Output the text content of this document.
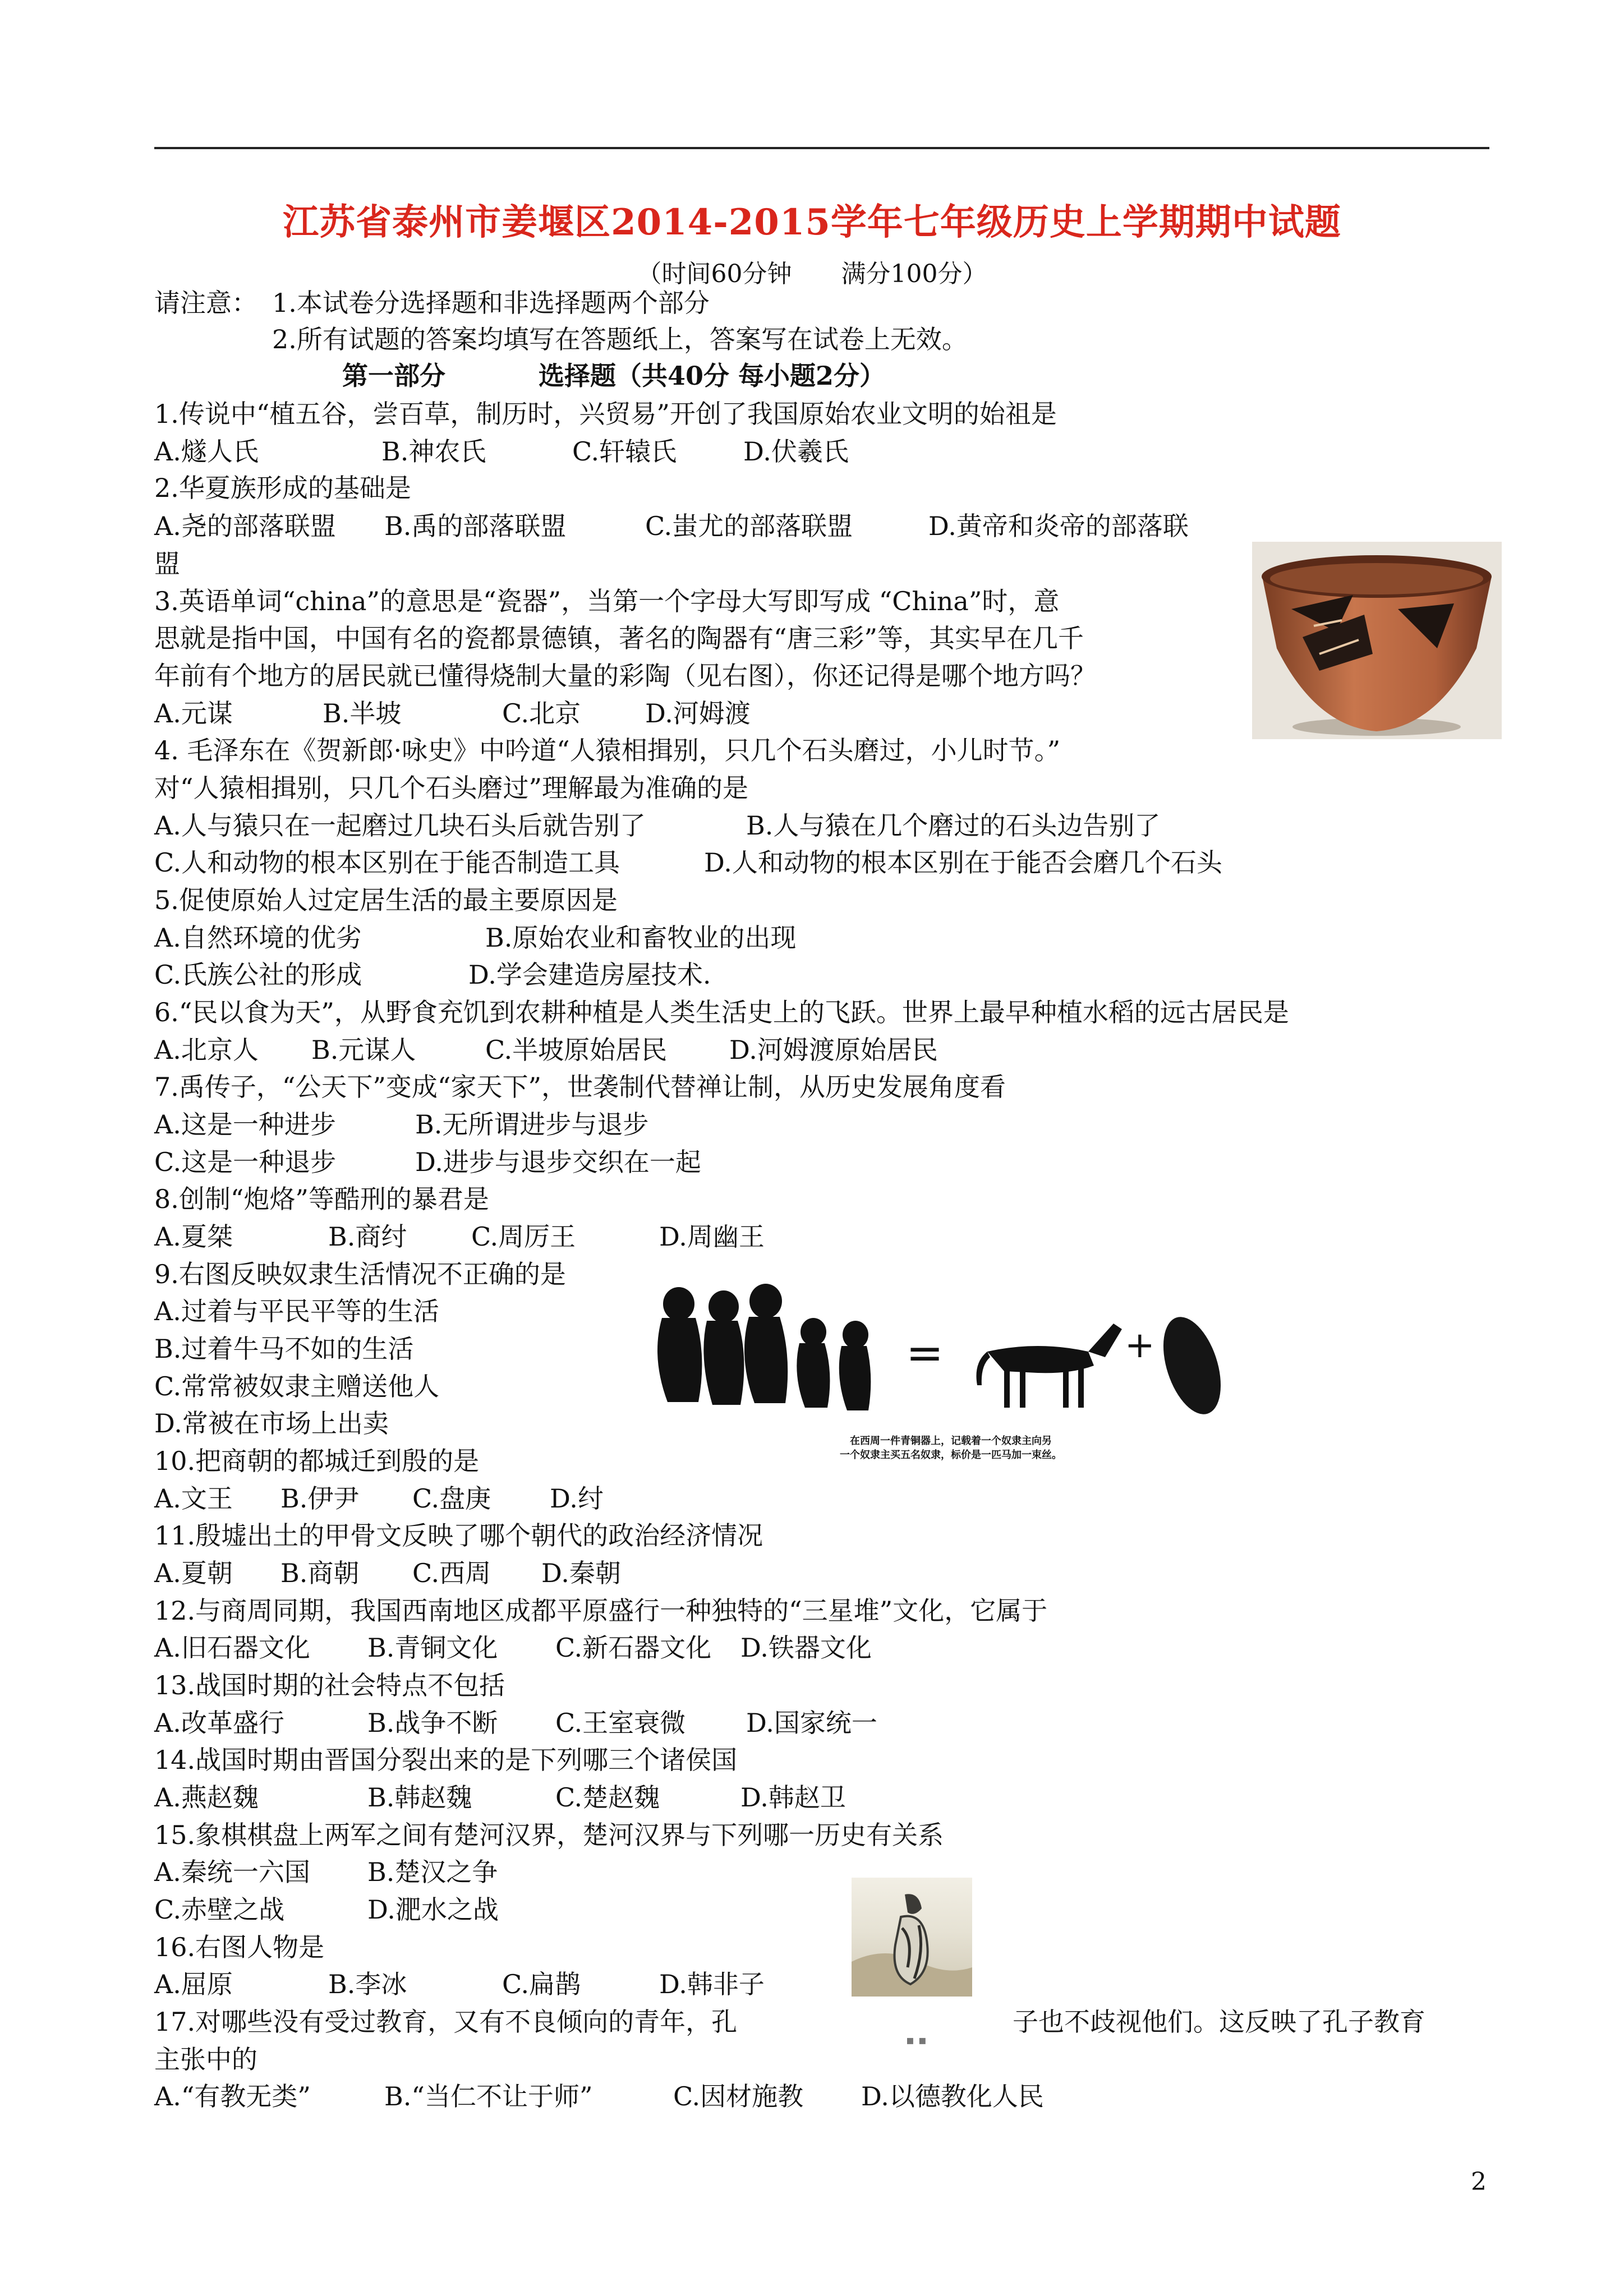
江苏省泰州市姜堰区2014-2015学年七年级历史上学期期中试题
（时间60分钟　　满分100分）
请注意： 1.本试卷分选择题和非选择题两个部分
2.所有试题的答案均填写在答题纸上，答案写在试卷上无效。
第一部分	选择题（共40分 每小题2分）
1.传说中“植五谷，尝百草，制历时，兴贸易”开创了我国原始农业文明的始祖是
A.燧人氏	B.神农氏	C.轩辕氏	D.伏羲氏
2.华夏族形成的基础是
A.尧的部落联盟 B.禹的部落联盟	C.蚩尤的部落联盟	D.黄帝和炎帝的部落联
盟
3.英语单词“china”的意思是“瓷器”，当第一个字母大写即写成 “China”时，意
思就是指中国，中国有名的瓷都景德镇，著名的陶器有“唐三彩”等，其实早在几千
年前有个地方的居民就已懂得烧制大量的彩陶（见右图），你还记得是哪个地方吗？
A.元谋	B.半坡	C.北京 D.河姆渡
4. 毛泽东在《贺新郎·咏史》中吟道“人猿相揖别，只几个石头磨过，小儿时节。”
对“人猿相揖别，只几个石头磨过”理解最为准确的是
A.人与猿只在一起磨过几块石头后就告别了	B.人与猿在几个磨过的石头边告别了
C.人和动物的根本区别在于能否制造工具	D.人和动物的根本区别在于能否会磨几个石头
5.促使原始人过定居生活的最主要原因是
A.自然环境的优劣	B.原始农业和畜牧业的出现
C.氏族公社的形成	D.学会建造房屋技术.
6.“民以食为天”，从野食充饥到农耕种植是人类生活史上的飞跃。世界上最早种植水稻的远古居民是
A.北京人 B.元谋人	C.半坡原始居民 D.河姆渡原始居民
7.禹传子，“公天下”变成“家天下”，世袭制代替禅让制，从历史发展角度看
A.这是一种进步	B.无所谓进步与退步
C.这是一种退步	D.进步与退步交织在一起
8.创制“炮烙”等酷刑的暴君是
A.夏桀	B.商纣 C.周厉王	D.周幽王
9.右图反映奴隶生活情况不正确的是
A.过着与平民平等的生活
B.过着牛马不如的生活
C.常常被奴隶主赠送他人
D.常被在市场上出卖
10.把商朝的都城迁到殷的是
A.文王 B.伊尹 C.盘庚 D.纣
11.殷墟出土的甲骨文反映了哪个朝代的政治经济情况
A.夏朝 B.商朝 C.西周 D.秦朝
12.与商周同期，我国西南地区成都平原盛行一种独特的“三星堆”文化，它属于
A.旧石器文化 B.青铜文化 C.新石器文化 D.铁器文化
13.战国时期的社会特点不包括
A.改革盛行	B.战争不断 C.王室衰微 D.国家统一
14.战国时期由晋国分裂出来的是下列哪三个诸侯国
A.燕赵魏	B.韩赵魏	C.楚赵魏	D.韩赵卫
15.象棋棋盘上两军之间有楚河汉界，楚河汉界与下列哪一历史有关系
A.秦统一六国 B.楚汉之争
C.赤壁之战	D.淝水之战
16.右图人物是
A.屈原	B.李冰	C.扁鹊	D.韩非子
17.对哪些没有受过教育，又有不良倾向的青年，孔	子也不歧视他们。这反映了孔子教育
主张中的
A.“有教无类”	B.“当仁不让于师”	C.因材施教 D.以德教化人民
=	+
在西周一件青铜器上，记载着一个奴隶主向另
一个奴隶主买五名奴隶，标价是一匹马加一束丝。
▪ ▪
2
